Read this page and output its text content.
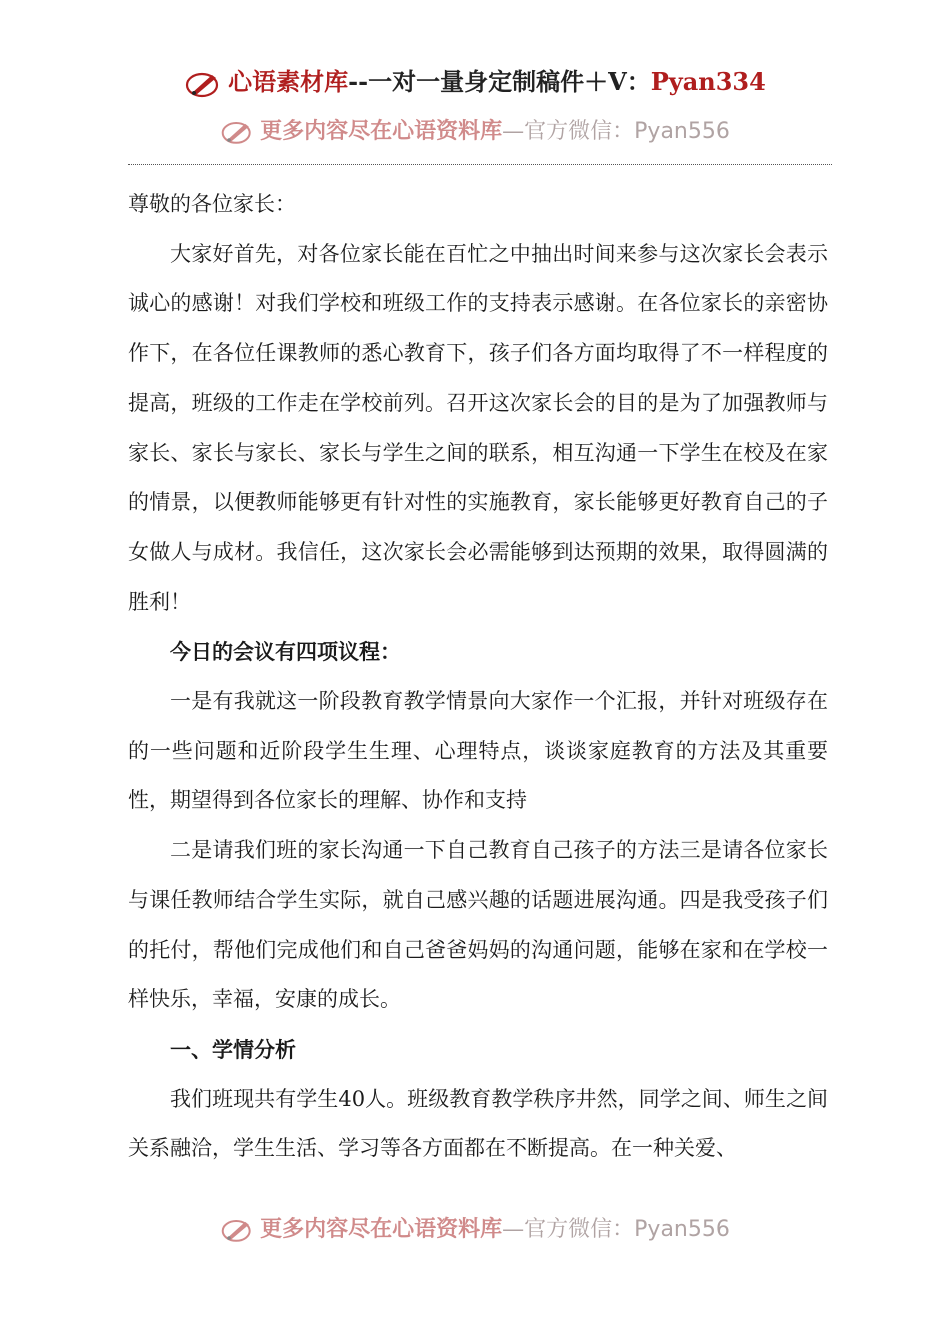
心语素材库--一对一量身定制稿件＋V：Pyan334
更多内容尽在心语资料库—官方微信：Pyan556

尊敬的各位家长：

大家好首先，对各位家长能在百忙之中抽出时间来参与这次家长会表示诚心的感谢！对我们学校和班级工作的支持表示感谢。在各位家长的亲密协作下，在各位任课教师的悉心教育下，孩子们各方面均取得了不一样程度的提高，班级的工作走在学校前列。召开这次家长会的目的是为了加强教师与家长、家长与家长、家长与学生之间的联系，相互沟通一下学生在校及在家的情景，以便教师能够更有针对性的实施教育，家长能够更好教育自己的子女做人与成材。我信任，这次家长会必需能够到达预期的效果，取得圆满的胜利！

今日的会议有四项议程：

一是有我就这一阶段教育教学情景向大家作一个汇报，并针对班级存在的一些问题和近阶段学生生理、心理特点，谈谈家庭教育的方法及其重要性，期望得到各位家长的理解、协作和支持

二是请我们班的家长沟通一下自己教育自己孩子的方法三是请各位家长与课任教师结合学生实际，就自己感兴趣的话题进展沟通。四是我受孩子们的托付，帮他们完成他们和自己爸爸妈妈的沟通问题，能够在家和在学校一样快乐，幸福，安康的成长。

一、学情分析

我们班现共有学生40人。班级教育教学秩序井然，同学之间、师生之间关系融洽，学生生活、学习等各方面都在不断提高。在一种关爱、

更多内容尽在心语资料库—官方微信：Pyan556
